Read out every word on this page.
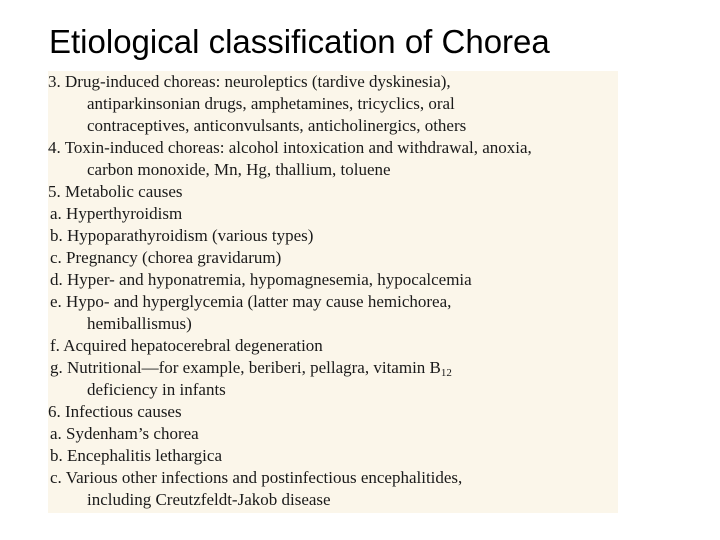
Etiological classification of Chorea
3. Drug-induced choreas: neuroleptics (tardive dyskinesia),
antiparkinsonian drugs, amphetamines, tricyclics, oral
contraceptives, anticonvulsants, anticholinergics, others
4. Toxin-induced choreas: alcohol intoxication and withdrawal, anoxia,
carbon monoxide, Mn, Hg, thallium, toluene
5. Metabolic causes
a. Hyperthyroidism
b. Hypoparathyroidism (various types)
c. Pregnancy (chorea gravidarum)
d. Hyper- and hyponatremia, hypomagnesemia, hypocalcemia
e. Hypo- and hyperglycemia (latter may cause hemichorea,
hemiballismus)
f. Acquired hepatocerebral degeneration
g. Nutritional—for example, beriberi, pellagra, vitamin $B_{12}$
deficiency in infants
6. Infectious causes
a. Sydenham’s chorea
b. Encephalitis lethargica
c. Various other infections and postinfectious encephalitides,
including Creutzfeldt-Jakob disease
